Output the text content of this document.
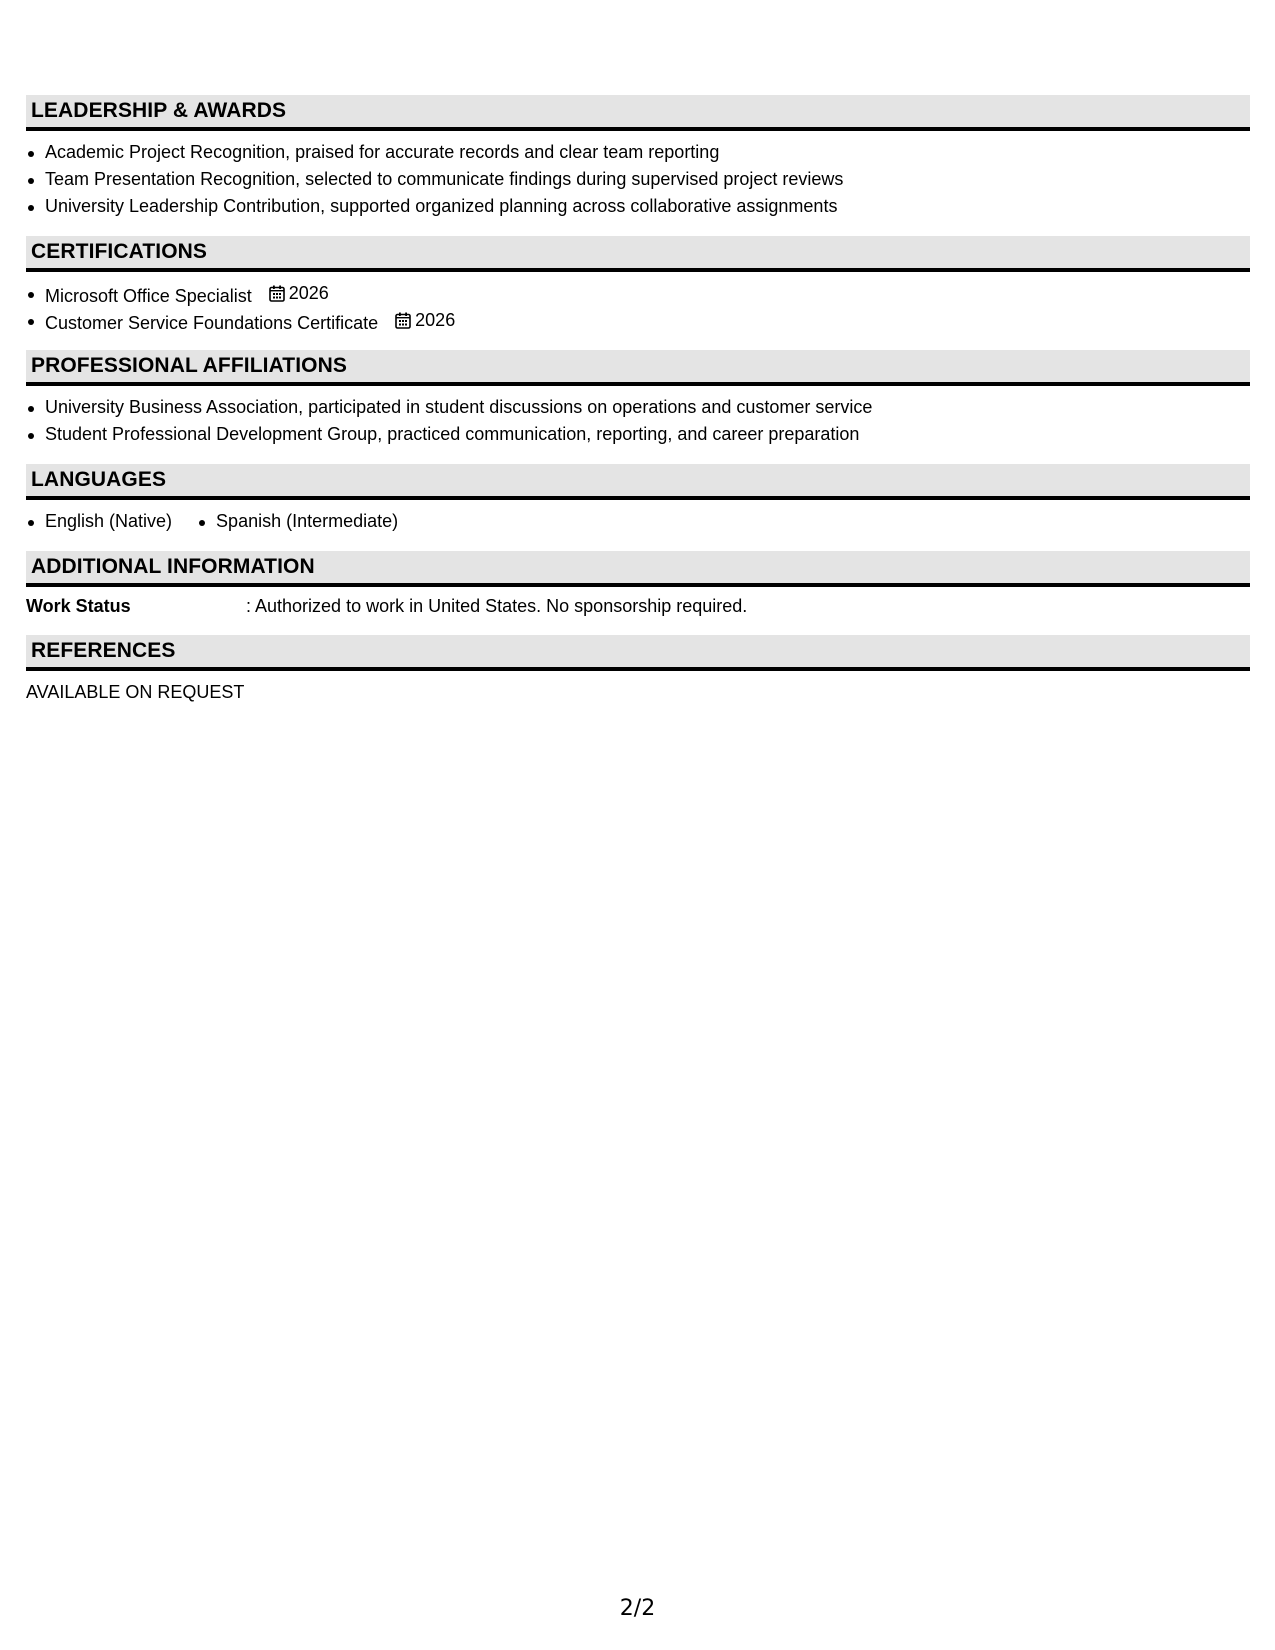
LEADERSHIP & AWARDS
Academic Project Recognition, praised for accurate records and clear team reporting
Team Presentation Recognition, selected to communicate findings during supervised project reviews
University Leadership Contribution, supported organized planning across collaborative assignments
CERTIFICATIONS
Microsoft Office Specialist 2026
Customer Service Foundations Certificate 2026
PROFESSIONAL AFFILIATIONS
University Business Association, participated in student discussions on operations and customer service
Student Professional Development Group, practiced communication, reporting, and career preparation
LANGUAGES
English (Native)	Spanish (Intermediate)
ADDITIONAL INFORMATION
Work Status	: Authorized to work in United States. No sponsorship required.
REFERENCES
AVAILABLE ON REQUEST
2/2
